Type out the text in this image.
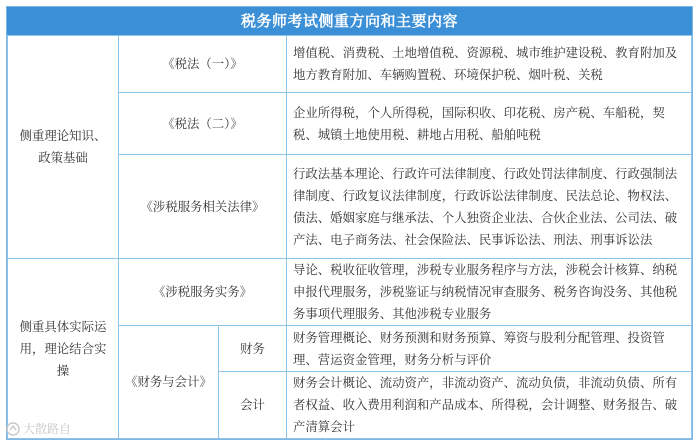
税务师考试侧重方向和主要内容
侧重理论知识、政策基础	《税法（一）》		增值税、消费税、土地增值税、资源税、城市维护建设税、教育附加及地方教育附加、车辆购置税、环境保护税、烟叶税、关税
	《税法（二）》		企业所得税，个人所得税，国际积收、印花税、房产税、车船税，契税、城镇土地使用税、耕地占用税、船舶吨税
	《涉税服务相关法律》		行政法基本理论、行政许可法律制度、行政处罚法律制度、行政强制法律制度、行政复议法律制度，行政诉讼法律制度、民法总论、物权法、债法、婚姻家庭与继承法、个人独资企业法、合伙企业法、公司法、破产法、电子商务法、社会保险法、民事诉讼法、刑法、刑事诉讼法
侧重具体实际运用，理论结合实操	《涉税服务实务》		导论、税收征收管理，涉税专业服务程序与方法，涉税会计核算、纳税申报代理服务，涉税鉴证与纳税情况审查服务、税务咨询没务、其他税务事项代理服务、其他涉税专业服务
	《财务与会计》	财务	财务管理概论、财务预测和财务预算、筹资与股利分配管理、投资管理、营运资金管理，财务分析与评价
		会计	财务会计概论、流动资产，非流动资产、流动负债，非流动负债、所有者权益、收入费用利润和产品成本、所得税，会计调整、财务报告、破产清算会计
大散路自
